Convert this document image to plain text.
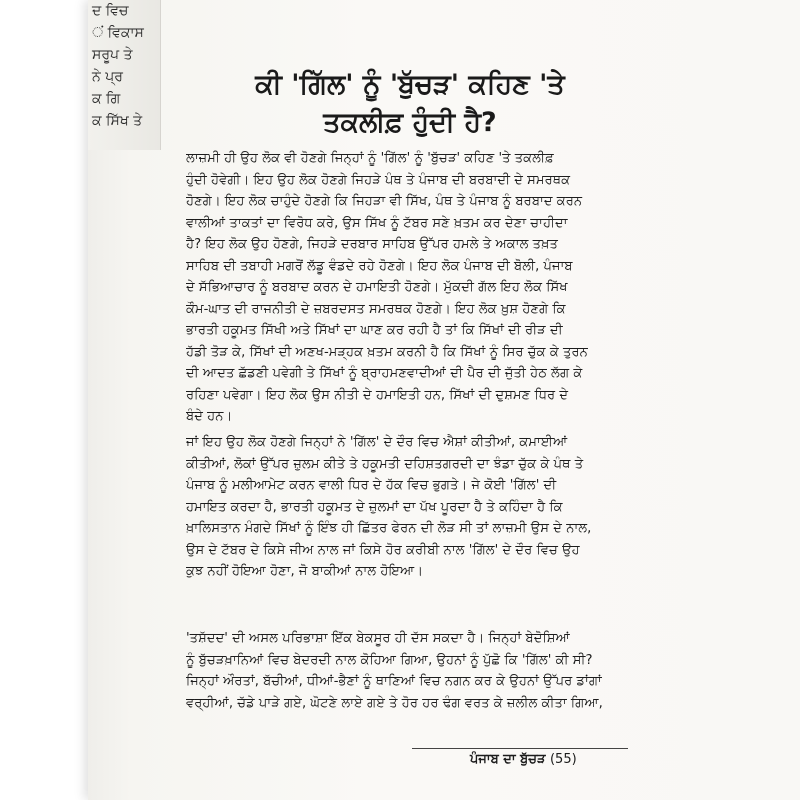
ਦ ਵਿਚ
ਂ ਵਿਕਾਸ
ਸਰੂਪ ਤੇ
ਨੇ ਪ੍ਰ
ਕ ਗਿ
ਕ ਸਿੱਖ ਤੇ
ਕੀ 'ਗਿੱਲ' ਨੂੰ 'ਬੁੱਚੜ' ਕਹਿਣ 'ਤੇ
ਤਕਲੀਫ਼ ਹੁੰਦੀ ਹੈ?
ਲਾਜ਼ਮੀ ਹੀ ਉਹ ਲੋਕ ਵੀ ਹੋਣਗੇ ਜਿਨ੍ਹਾਂ ਨੂੰ 'ਗਿੱਲ' ਨੂੰ 'ਬੁੱਚੜ' ਕਹਿਣ 'ਤੇ ਤਕਲੀਫ਼
ਹੁੰਦੀ ਹੋਵੇਗੀ। ਇਹ ਉਹ ਲੋਕ ਹੋਣਗੇ ਜਿਹੜੇ ਪੰਥ ਤੇ ਪੰਜਾਬ ਦੀ ਬਰਬਾਦੀ ਦੇ ਸਮਰਥਕ
ਹੋਣਗੇ। ਇਹ ਲੋਕ ਚਾਹੁੰਦੇ ਹੋਣਗੇ ਕਿ ਜਿਹੜਾ ਵੀ ਸਿੱਖ, ਪੰਥ ਤੇ ਪੰਜਾਬ ਨੂੰ ਬਰਬਾਦ ਕਰਨ
ਵਾਲੀਆਂ ਤਾਕਤਾਂ ਦਾ ਵਿਰੋਧ ਕਰੇ, ਉਸ ਸਿੱਖ ਨੂੰ ਟੱਬਰ ਸਣੇ ਖ਼ਤਮ ਕਰ ਦੇਣਾ ਚਾਹੀਦਾ
ਹੈ? ਇਹ ਲੋਕ ਉਹ ਹੋਣਗੇ, ਜਿਹੜੇ ਦਰਬਾਰ ਸਾਹਿਬ ਉੱਪਰ ਹਮਲੇ ਤੇ ਅਕਾਲ ਤਖ਼ਤ
ਸਾਹਿਬ ਦੀ ਤਬਾਹੀ ਮਗਰੋਂ ਲੱਡੂ ਵੰਡਦੇ ਰਹੇ ਹੋਣਗੇ। ਇਹ ਲੋਕ ਪੰਜਾਬ ਦੀ ਬੋਲੀ, ਪੰਜਾਬ
ਦੇ ਸੱਭਿਆਚਾਰ ਨੂੰ ਬਰਬਾਦ ਕਰਨ ਦੇ ਹਮਾਇਤੀ ਹੋਣਗੇ। ਮੁੱਕਦੀ ਗੱਲ ਇਹ ਲੋਕ ਸਿੱਖ
ਕੌਮ-ਘਾਤ ਦੀ ਰਾਜਨੀਤੀ ਦੇ ਜ਼ਬਰਦਸਤ ਸਮਰਥਕ ਹੋਣਗੇ। ਇਹ ਲੋਕ ਖ਼ੁਸ਼ ਹੋਣਗੇ ਕਿ
ਭਾਰਤੀ ਹਕੂਮਤ ਸਿੱਖੀ ਅਤੇ ਸਿੱਖਾਂ ਦਾ ਘਾਣ ਕਰ ਰਹੀ ਹੈ ਤਾਂ ਕਿ ਸਿੱਖਾਂ ਦੀ ਰੀੜ ਦੀ
ਹੱਡੀ ਤੋੜ ਕੇ, ਸਿੱਖਾਂ ਦੀ ਅਣਖ-ਮੜ੍ਹਕ ਖ਼ਤਮ ਕਰਨੀ ਹੈ ਕਿ ਸਿੱਖਾਂ ਨੂੰ ਸਿਰ ਚੁੱਕ ਕੇ ਤੁਰਨ
ਦੀ ਆਦਤ ਛੱਡਣੀ ਪਵੇਗੀ ਤੇ ਸਿੱਖਾਂ ਨੂੰ ਬ੍ਰਾਹਮਣਵਾਦੀਆਂ ਦੀ ਪੈਰ ਦੀ ਜੁੱਤੀ ਹੇਠ ਲੱਗ ਕੇ
ਰਹਿਣਾ ਪਵੇਗਾ। ਇਹ ਲੋਕ ਉਸ ਨੀਤੀ ਦੇ ਹਮਾਇਤੀ ਹਨ, ਸਿੱਖਾਂ ਦੀ ਦੁਸ਼ਮਣ ਧਿਰ ਦੇ
ਬੰਦੇ ਹਨ।
ਜਾਂ ਇਹ ਉਹ ਲੋਕ ਹੋਣਗੇ ਜਿਨ੍ਹਾਂ ਨੇ 'ਗਿੱਲ' ਦੇ ਦੌਰ ਵਿਚ ਐਸ਼ਾਂ ਕੀਤੀਆਂ, ਕਮਾਈਆਂ
ਕੀਤੀਆਂ, ਲੋਕਾਂ ਉੱਪਰ ਜ਼ੁਲਮ ਕੀਤੇ ਤੇ ਹਕੂਮਤੀ ਦਹਿਸ਼ਤਗਰਦੀ ਦਾ ਝੰਡਾ ਚੁੱਕ ਕੇ ਪੰਥ ਤੇ
ਪੰਜਾਬ ਨੂੰ ਮਲੀਆਮੇਟ ਕਰਨ ਵਾਲੀ ਧਿਰ ਦੇ ਹੱਕ ਵਿਚ ਭੁਗਤੇ। ਜੇ ਕੋਈ 'ਗਿੱਲ' ਦੀ
ਹਮਾਇਤ ਕਰਦਾ ਹੈ, ਭਾਰਤੀ ਹਕੂਮਤ ਦੇ ਜ਼ੁਲਮਾਂ ਦਾ ਪੱਖ ਪੂਰਦਾ ਹੈ ਤੇ ਕਹਿੰਦਾ ਹੈ ਕਿ
ਖ਼ਾਲਿਸਤਾਨ ਮੰਗਦੇ ਸਿੱਖਾਂ ਨੂੰ ਇੰਝ ਹੀ ਛਿੱਤਰ ਫੇਰਨ ਦੀ ਲੋੜ ਸੀ ਤਾਂ ਲਾਜ਼ਮੀ ਉਸ ਦੇ ਨਾਲ,
ਉਸ ਦੇ ਟੱਬਰ ਦੇ ਕਿਸੇ ਜੀਅ ਨਾਲ ਜਾਂ ਕਿਸੇ ਹੋਰ ਕਰੀਬੀ ਨਾਲ 'ਗਿੱਲ' ਦੇ ਦੌਰ ਵਿਚ ਉਹ
ਕੁਝ ਨਹੀਂ ਹੋਇਆ ਹੋਣਾ, ਜੋ ਬਾਕੀਆਂ ਨਾਲ ਹੋਇਆ।
'ਤਸ਼ੱਦਦ' ਦੀ ਅਸਲ ਪਰਿਭਾਸ਼ਾ ਇੱਕ ਬੇਕਸੂਰ ਹੀ ਦੱਸ ਸਕਦਾ ਹੈ। ਜਿਨ੍ਹਾਂ ਬੇਦੋਸ਼ਿਆਂ
ਨੂੰ ਬੁੱਚੜਖ਼ਾਨਿਆਂ ਵਿਚ ਬੇਦਰਦੀ ਨਾਲ ਕੋਹਿਆ ਗਿਆ, ਉਹਨਾਂ ਨੂੰ ਪੁੱਛੋ ਕਿ 'ਗਿੱਲ' ਕੀ ਸੀ?
ਜਿਨ੍ਹਾਂ ਔਰਤਾਂ, ਬੱਚੀਆਂ, ਧੀਆਂ-ਭੈਣਾਂ ਨੂੰ ਥਾਣਿਆਂ ਵਿਚ ਨਗਨ ਕਰ ਕੇ ਉਹਨਾਂ ਉੱਪਰ ਡਾਂਗਾਂ
ਵਰ੍ਹੀਆਂ, ਚੱਡੇ ਪਾੜੇ ਗਏ, ਘੋਟਣੇ ਲਾਏ ਗਏ ਤੇ ਹੋਰ ਹਰ ਢੰਗ ਵਰਤ ਕੇ ਜ਼ਲੀਲ ਕੀਤਾ ਗਿਆ,
ਪੰਜਾਬ ਦਾ ਬੁੱਚੜ (55)
